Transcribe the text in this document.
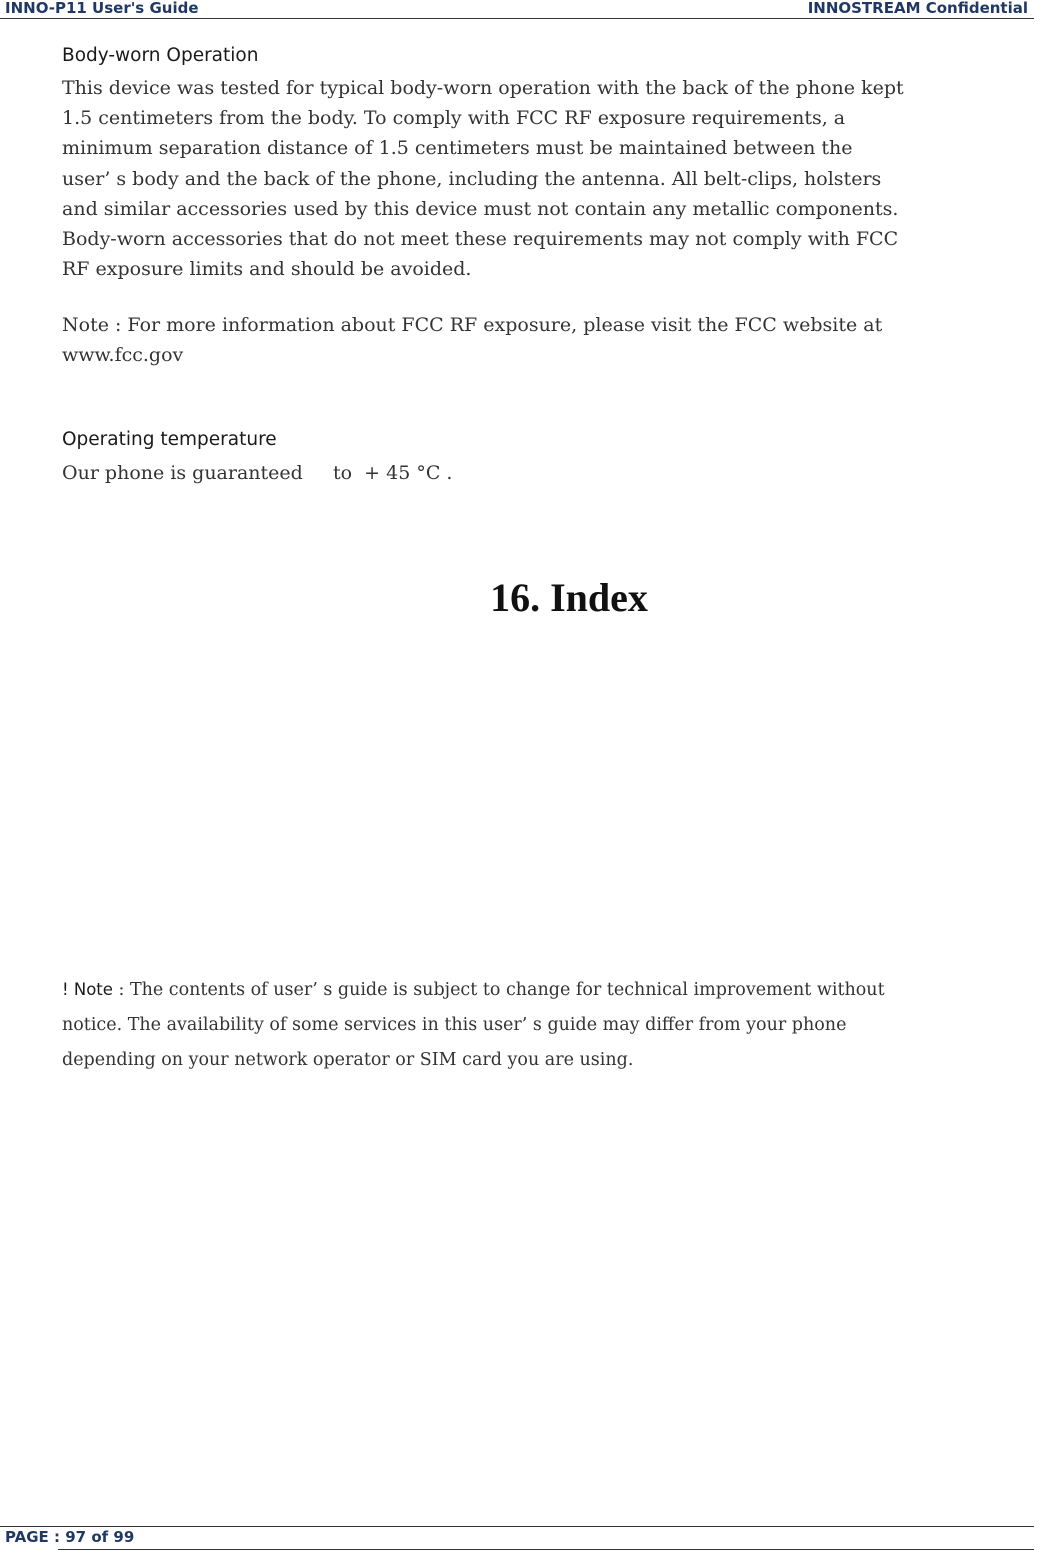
INNO-P11 User's Guide	INNOSTREAM Confidential
Body-worn Operation
This device was tested for typical body-worn operation with the back of the phone kept
1.5 centimeters from the body. To comply with FCC RF exposure requirements, a
minimum separation distance of 1.5 centimeters must be maintained between the
user’ s body and the back of the phone, including the antenna. All belt-clips, holsters
and similar accessories used by this device must not contain any metallic components.
Body-worn accessories that do not meet these requirements may not comply with FCC
RF exposure limits and should be avoided.
Note : For more information about FCC RF exposure, please visit the FCC website at
www.fcc.gov
Operating temperature
Our phone is guaranteed     to  + 45 °C .
16. Index
! Note : The contents of user’ s guide is subject to change for technical improvement without
notice. The availability of some services in this user’ s guide may differ from your phone
depending on your network operator or SIM card you are using.
PAGE : 97 of 99
